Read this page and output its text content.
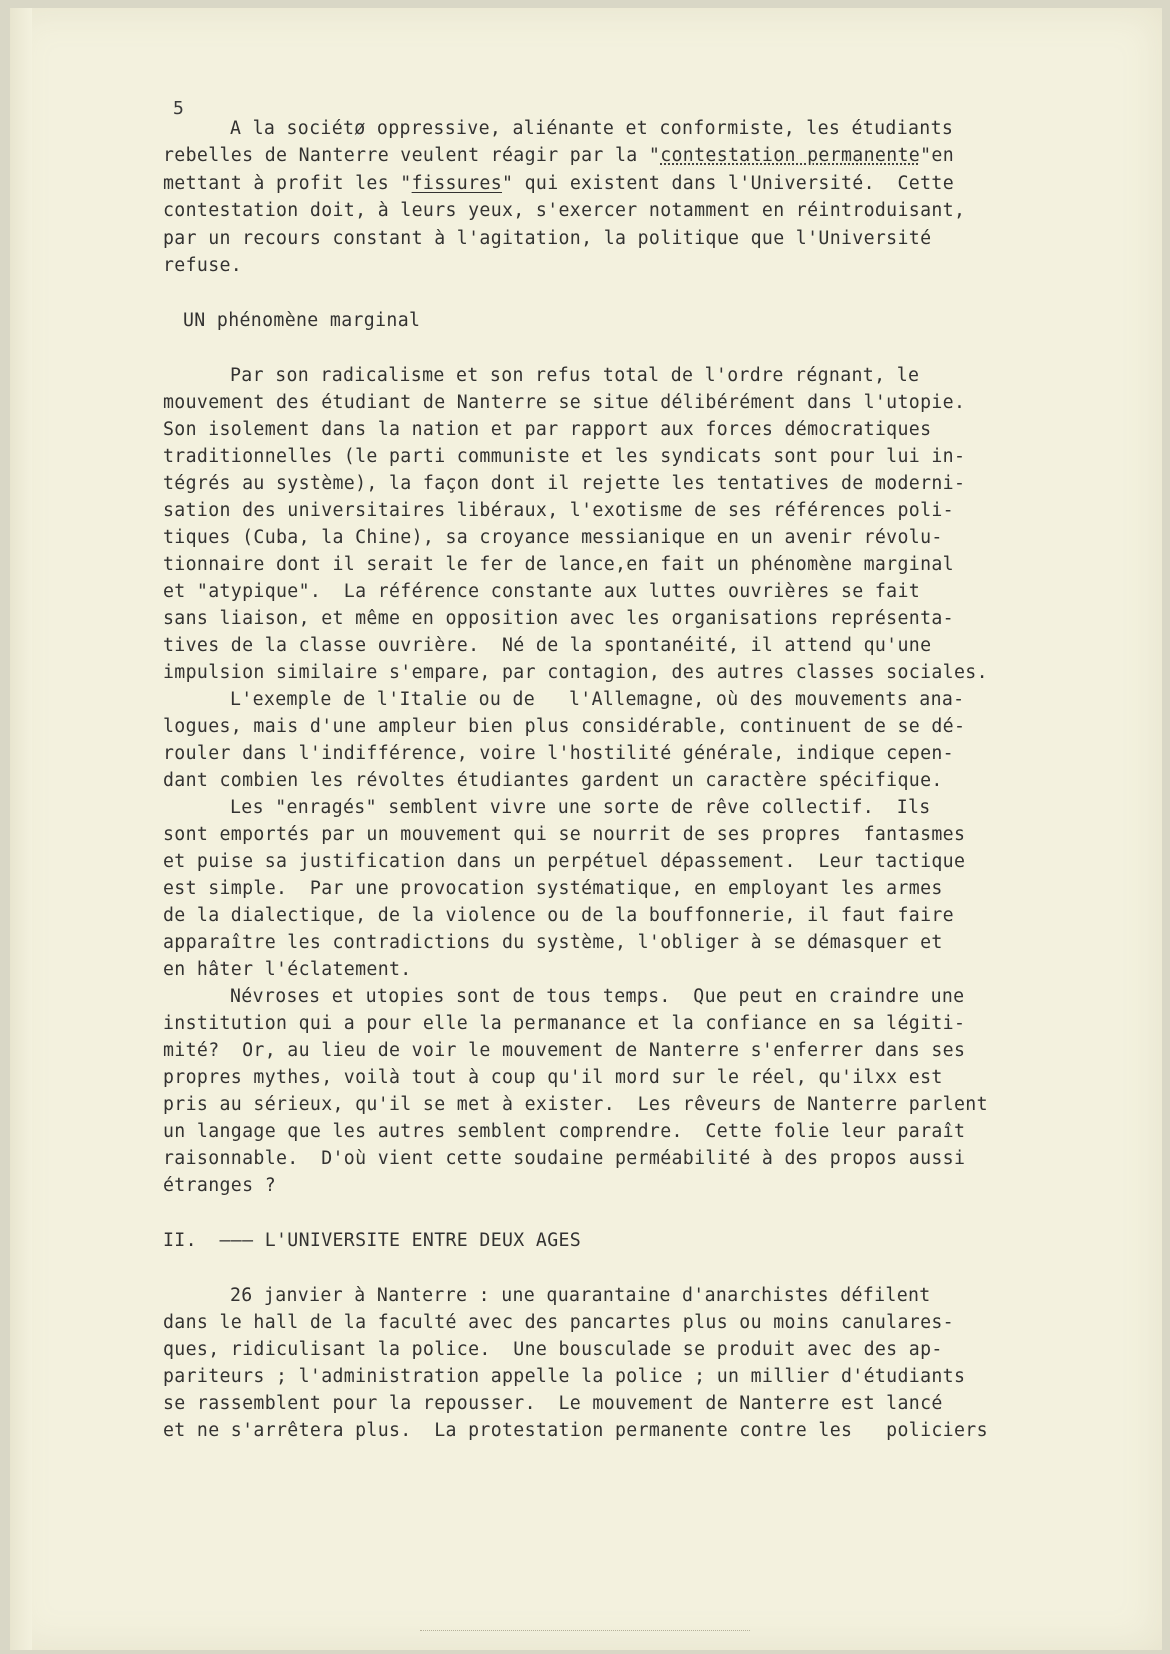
5
A la sociétø oppressive, aliénante et conformiste, les étudiants
rebelles de Nanterre veulent réagir par la "contestation permanente"en
mettant à profit les "fissures" qui existent dans l'Université.  Cette
contestation doit, à leurs yeux, s'exercer notamment en réintroduisant,
par un recours constant à l'agitation, la politique que l'Université
refuse.
UN phénomène marginal
Par son radicalisme et son refus total de l'ordre régnant, le
mouvement des étudiant de Nanterre se situe délibérément dans l'utopie.
Son isolement dans la nation et par rapport aux forces démocratiques
traditionnelles (le parti communiste et les syndicats sont pour lui in-
tégrés au système), la façon dont il rejette les tentatives de moderni-
sation des universitaires libéraux, l'exotisme de ses références poli-
tiques (Cuba, la Chine), sa croyance messianique en un avenir révolu-
tionnaire dont il serait le fer de lance,en fait un phénomène marginal
et "atypique".  La référence constante aux luttes ouvrières se fait
sans liaison, et même en opposition avec les organisations représenta-
tives de la classe ouvrière.  Né de la spontanéité, il attend qu'une
impulsion similaire s'empare, par contagion, des autres classes sociales.
L'exemple de l'Italie ou de   l'Allemagne, où des mouvements ana-
logues, mais d'une ampleur bien plus considérable, continuent de se dé-
rouler dans l'indifférence, voire l'hostilité générale, indique cepen-
dant combien les révoltes étudiantes gardent un caractère spécifique.
Les "enragés" semblent vivre une sorte de rêve collectif.  Ils
sont emportés par un mouvement qui se nourrit de ses propres  fantasmes
et puise sa justification dans un perpétuel dépassement.  Leur tactique
est simple.  Par une provocation systématique, en employant les armes
de la dialectique, de la violence ou de la bouffonnerie, il faut faire
apparaître les contradictions du système, l'obliger à se démasquer et
en hâter l'éclatement.
Névroses et utopies sont de tous temps.  Que peut en craindre une
institution qui a pour elle la permanance et la confiance en sa légiti-
mité?  Or, au lieu de voir le mouvement de Nanterre s'enferrer dans ses
propres mythes, voilà tout à coup qu'il mord sur le réel, qu'ilxx est
pris au sérieux, qu'il se met à exister.  Les rêveurs de Nanterre parlent
un langage que les autres semblent comprendre.  Cette folie leur paraît
raisonnable.  D'où vient cette soudaine perméabilité à des propos aussi
étranges ?
II.  ——— L'UNIVERSITE ENTRE DEUX AGES
26 janvier à Nanterre : une quarantaine d'anarchistes défilent
dans le hall de la faculté avec des pancartes plus ou moins canulares-
ques, ridiculisant la police.  Une bousculade se produit avec des ap-
pariteurs ; l'administration appelle la police ; un millier d'étudiants
se rassemblent pour la repousser.  Le mouvement de Nanterre est lancé
et ne s'arrêtera plus.  La protestation permanente contre les   policiers
